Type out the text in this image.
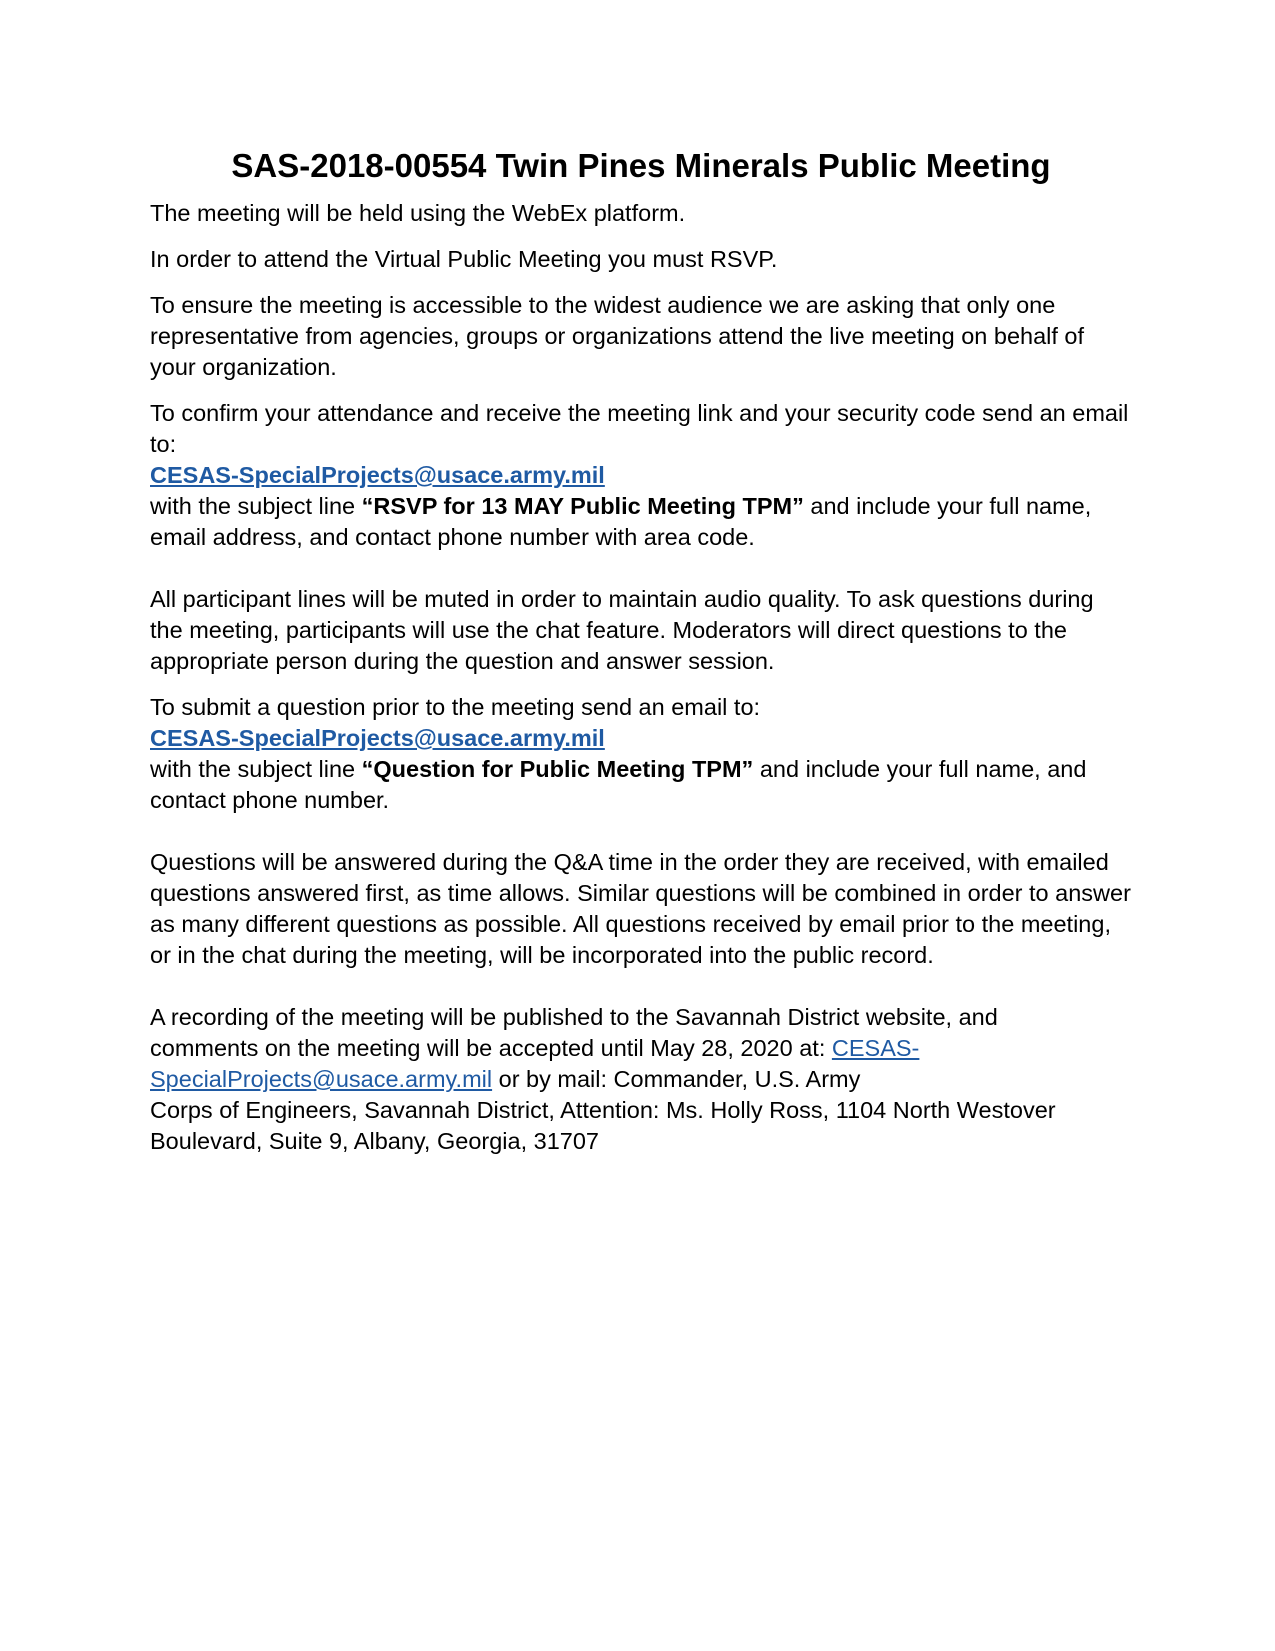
SAS-2018-00554 Twin Pines Minerals Public Meeting

The meeting will be held using the WebEx platform.

In order to attend the Virtual Public Meeting you must RSVP.

To ensure the meeting is accessible to the widest audience we are asking that only one representative from agencies, groups or organizations attend the live meeting on behalf of your organization.

To confirm your attendance and receive the meeting link and your security code send an email to:
CESAS-SpecialProjects@usace.army.mil
with the subject line “RSVP for 13 MAY Public Meeting TPM” and include your full name, email address, and contact phone number with area code.

All participant lines will be muted in order to maintain audio quality. To ask questions during the meeting, participants will use the chat feature. Moderators will direct questions to the appropriate person during the question and answer session.

To submit a question prior to the meeting send an email to:
CESAS-SpecialProjects@usace.army.mil
with the subject line “Question for Public Meeting TPM” and include your full name, and contact phone number.

Questions will be answered during the Q&A time in the order they are received, with emailed questions answered first, as time allows. Similar questions will be combined in order to answer as many different questions as possible. All questions received by email prior to the meeting, or in the chat during the meeting, will be incorporated into the public record.

A recording of the meeting will be published to the Savannah District website, and
comments on the meeting will be accepted until May 28, 2020 at: CESAS-
SpecialProjects@usace.army.mil or by mail: Commander, U.S. Army
Corps of Engineers, Savannah District, Attention: Ms. Holly Ross, 1104 North Westover
Boulevard, Suite 9, Albany, Georgia, 31707
